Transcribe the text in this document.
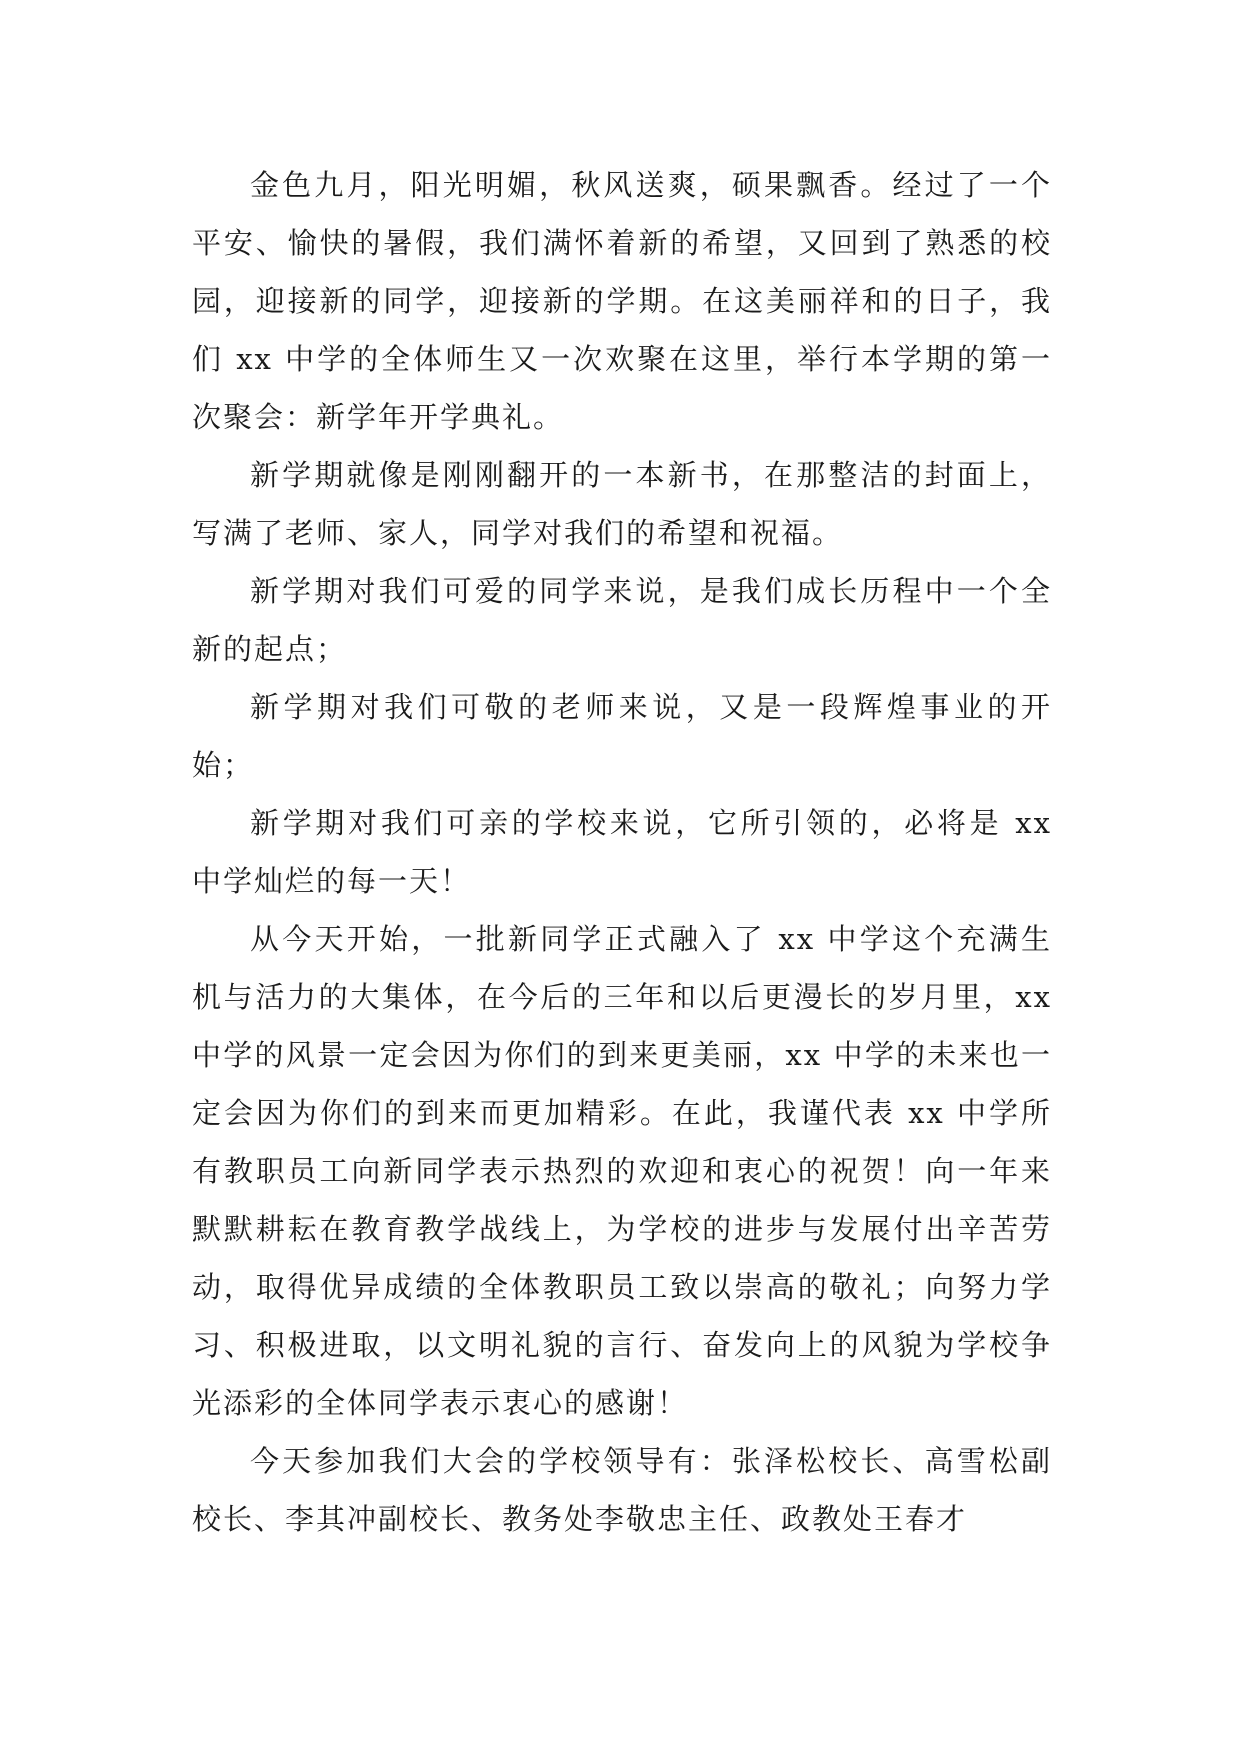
金色九月，阳光明媚，秋风送爽，硕果飘香。经过了一个平安、愉快的暑假，我们满怀着新的希望，又回到了熟悉的校园，迎接新的同学，迎接新的学期。在这美丽祥和的日子，我们 xx 中学的全体师生又一次欢聚在这里，举行本学期的第一次聚会：新学年开学典礼。

新学期就像是刚刚翻开的一本新书，在那整洁的封面上，写满了老师、家人，同学对我们的希望和祝福。

新学期对我们可爱的同学来说，是我们成长历程中一个全新的起点；

新学期对我们可敬的老师来说，又是一段辉煌事业的开始；

新学期对我们可亲的学校来说，它所引领的，必将是 xx 中学灿烂的每一天！

从今天开始，一批新同学正式融入了 xx 中学这个充满生机与活力的大集体，在今后的三年和以后更漫长的岁月里，xx 中学的风景一定会因为你们的到来更美丽，xx 中学的未来也一定会因为你们的到来而更加精彩。在此，我谨代表 xx 中学所有教职员工向新同学表示热烈的欢迎和衷心的祝贺！向一年来默默耕耘在教育教学战线上，为学校的进步与发展付出辛苦劳动，取得优异成绩的全体教职员工致以崇高的敬礼；向努力学习、积极进取，以文明礼貌的言行、奋发向上的风貌为学校争光添彩的全体同学表示衷心的感谢！

今天参加我们大会的学校领导有：张泽松校长、高雪松副校长、李其冲副校长、教务处李敬忠主任、政教处王春才
